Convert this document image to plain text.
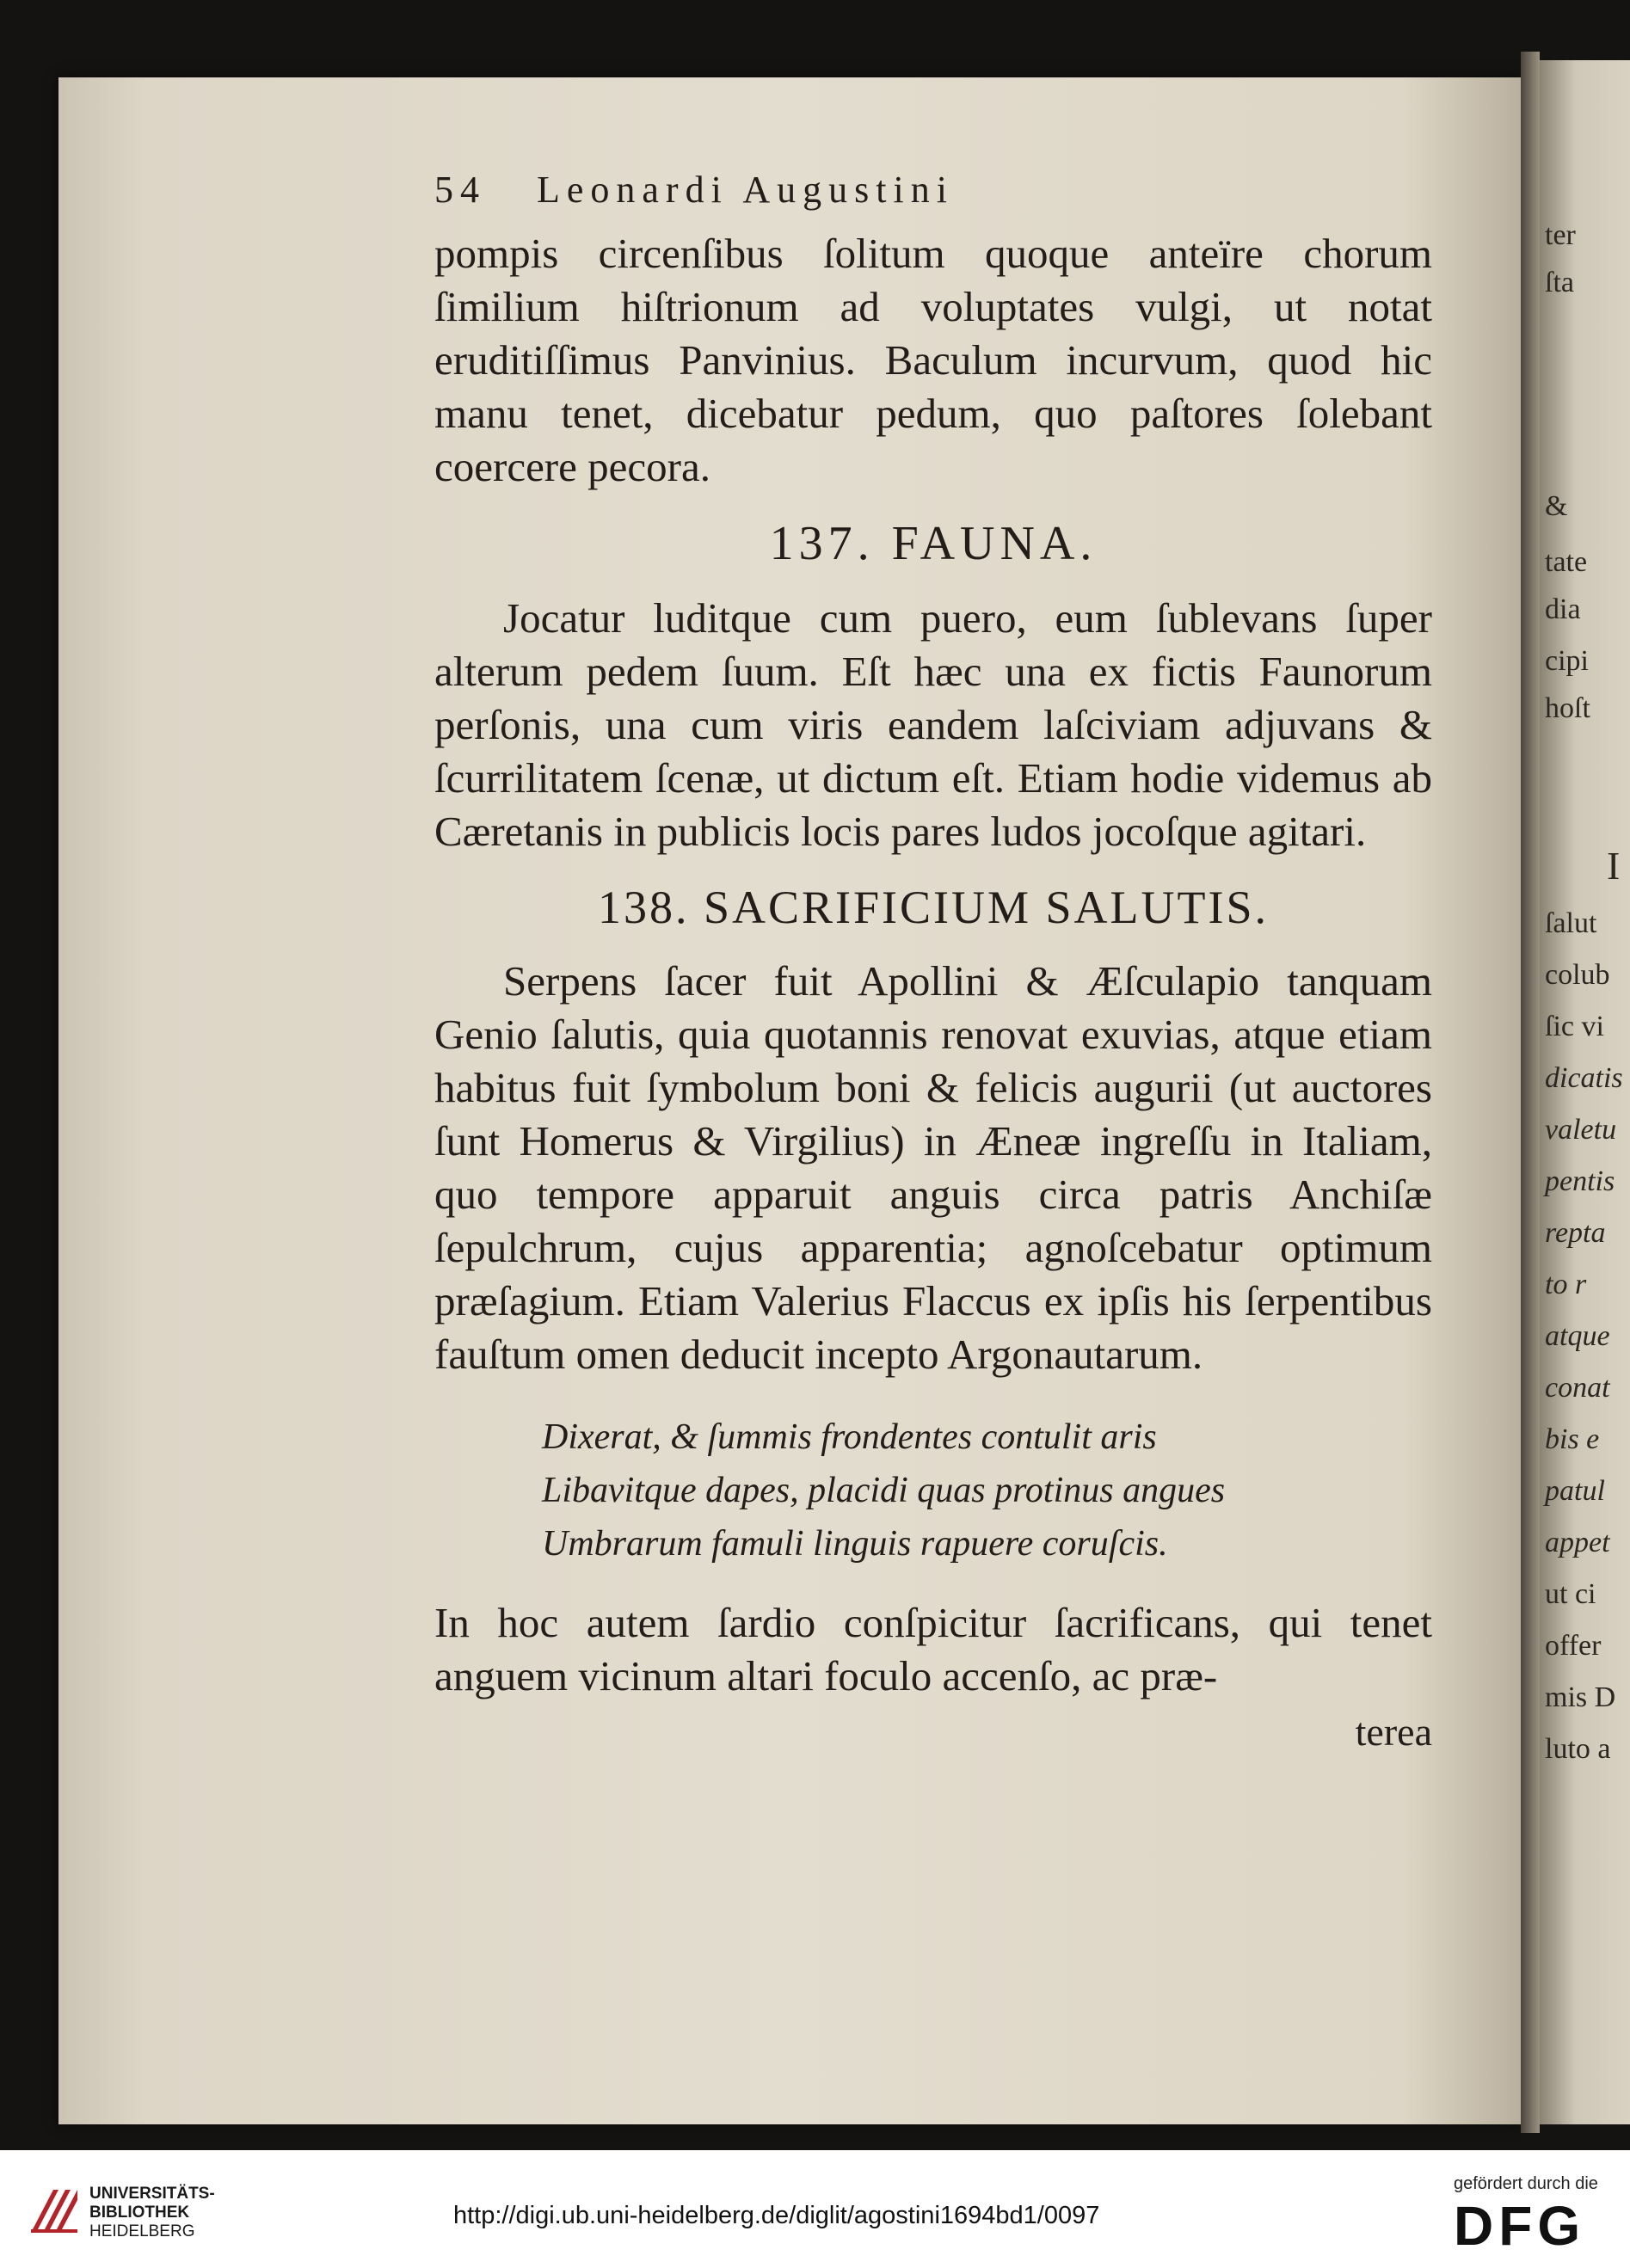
ter
ſta
&
tate
dia
cipi
hoſt
I
ſalut
colub
ſic vi
dicatis
valetu
pentis
repta
to r
atque
conat
bis e
patul
appet
ut ci
offer
mis D
luto a
54 Leonardi Augustini

pompis circenſibus ſolitum quoque anteïre chorum ſimilium hiſtrionum ad voluptates vulgi, ut notat eruditiſſimus Panvinius. Baculum incurvum, quod hic manu tenet, dicebatur pedum, quo paſtores ſolebant coercere pecora.

137. FAUNA.

Jocatur luditque cum puero, eum ſublevans ſuper alterum pedem ſuum. Eſt hæc una ex fictis Faunorum perſonis, una cum viris eandem laſciviam adjuvans & ſcurrilitatem ſcenæ, ut dictum eſt. Etiam hodie videmus ab Cæretanis in publicis locis pares ludos jocoſque agitari.

138. SACRIFICIUM SALUTIS.

Serpens ſacer fuit Apollini & Æſculapio tanquam Genio ſalutis, quia quotannis renovat exuvias, atque etiam habitus fuit ſymbolum boni & felicis augurii (ut auctores ſunt Homerus & Virgilius) in Æneæ ingreſſu in Italiam, quo tempore apparuit anguis circa patris Anchiſæ ſepulchrum, cujus apparentia; agnoſcebatur optimum præſagium. Etiam Valerius Flaccus ex ipſis his ſerpentibus fauſtum omen deducit incepto Argonautarum.

Dixerat, & ſummis frondentes contulit aris
Libavitque dapes, placidi quas protinus angues
Umbrarum famuli linguis rapuere coruſcis.

In hoc autem ſardio conſpicitur ſacrificans, qui tenet anguem vicinum altari foculo accenſo, ac præ-

terea
UNIVERSITÄTS-
BIBLIOTHEK
HEIDELBERG
http://digi.ub.uni-heidelberg.de/diglit/agostini1694bd1/0097
gefördert durch die
DFG
